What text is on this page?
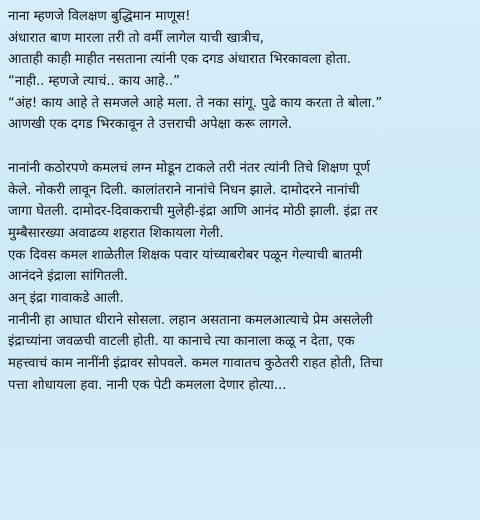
नाना म्हणजे विलक्षण बुद्धिमान माणूस!
अंधारात बाण मारला तरी तो वर्मी लागेल याची खात्रीच,
आताही काही माहीत नसताना त्यांनी एक दगड अंधारात भिरकावला होता.
“नाही.. म्हणजे त्याचं.. काय आहे..”
“अंह! काय आहे ते समजले आहे मला. ते नका सांगू. पुढे काय करता ते बोला.”
आणखी एक दगड भिरकावून ते उत्तराची अपेक्षा करू लागले.
नानांनी कठोरपणे कमलचं लग्न मोडून टाकले तरी नंतर त्यांनी तिचे शिक्षण पूर्ण
केले. नोकरी लावून दिली. कालांतराने नानांचे निधन झाले. दामोदरने नानांची
जागा घेतली. दामोदर-दिवाकराची मुलेही-इंद्रा आणि आनंद मोठी झाली. इंद्रा तर
मुम्बैसारख्या अवाढव्य शहरात शिकायला गेली.
एक दिवस कमल शाळेतील शिक्षक पवार यांच्याबरोबर पळून गेल्याची बातमी
आनंदने इंद्राला सांगितली.
अन् इंद्रा गावाकडे आली.
नानीनी हा आघात धीराने सोसला. लहान असताना कमलआत्याचे प्रेम असलेली
इंद्राच्यांना जवळची वाटली होती. या कानाचे त्या कानाला कळू न देता, एक
महत्त्वाचं काम नानींनी इंद्रावर सोपवले. कमल गावातच कुठेतरी राहत होती, तिचा
पत्ता शोधायला हवा. नानी एक पेटी कमलला देणार होत्या...
